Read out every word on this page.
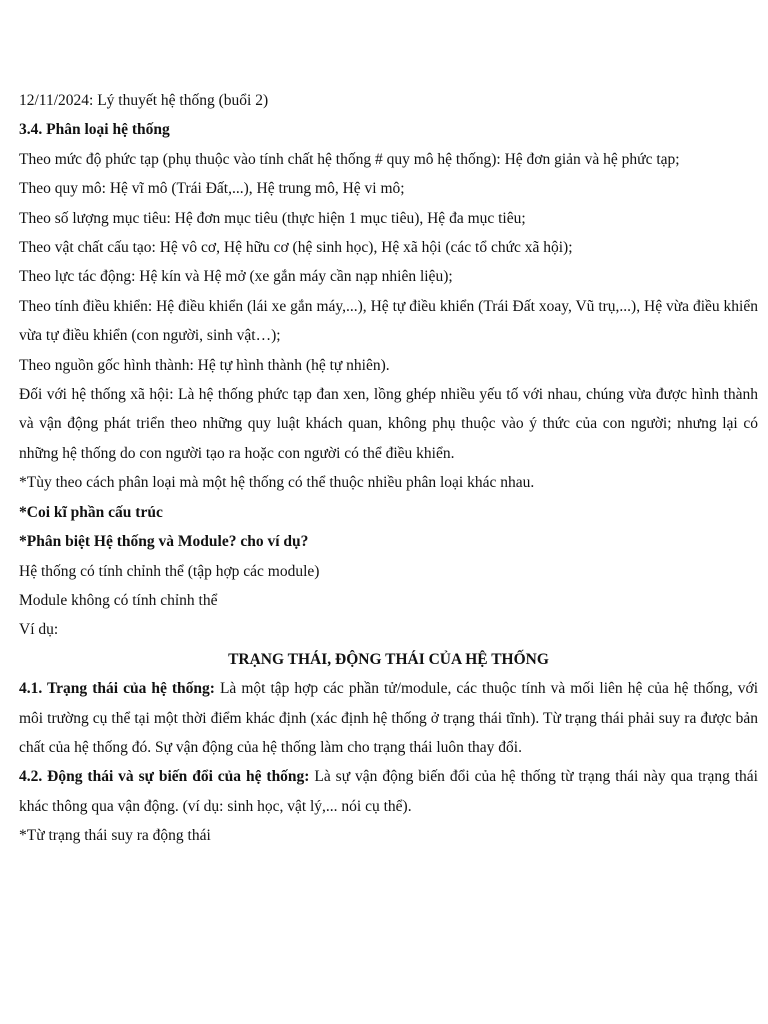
12/11/2024: Lý thuyết hệ thống (buổi 2)

3.4. Phân loại hệ thống

Theo mức độ phức tạp (phụ thuộc vào tính chất hệ thống # quy mô hệ thống): Hệ đơn giản và hệ phức tạp;

Theo quy mô: Hệ vĩ mô (Trái Đất,...), Hệ trung mô, Hệ vi mô;

Theo số lượng mục tiêu: Hệ đơn mục tiêu (thực hiện 1 mục tiêu), Hệ đa mục tiêu;

Theo vật chất cấu tạo: Hệ vô cơ, Hệ hữu cơ (hệ sinh học), Hệ xã hội (các tổ chức xã hội);

Theo lực tác động: Hệ kín và Hệ mở (xe gắn máy cần nạp nhiên liệu);

Theo tính điều khiển: Hệ điều khiển (lái xe gắn máy,...), Hệ tự điều khiển (Trái Đất xoay, Vũ trụ,...), Hệ vừa điều khiển vừa tự điều khiển (con người, sinh vật…);

Theo nguồn gốc hình thành: Hệ tự hình thành (hệ tự nhiên).

Đối với hệ thống xã hội: Là hệ thống phức tạp đan xen, lồng ghép nhiều yếu tố với nhau, chúng vừa được hình thành và vận động phát triển theo những quy luật khách quan, không phụ thuộc vào ý thức của con người; nhưng lại có những hệ thống do con người tạo ra hoặc con người có thể điều khiển.

*Tùy theo cách phân loại mà một hệ thống có thể thuộc nhiều phân loại khác nhau.

*Coi kĩ phần cấu trúc

*Phân biệt Hệ thống và Module? cho ví dụ?

Hệ thống có tính chỉnh thể (tập hợp các module)

Module không có tính chỉnh thể

Ví dụ:

TRẠNG THÁI, ĐỘNG THÁI CỦA HỆ THỐNG

4.1. Trạng thái của hệ thống: Là một tập hợp các phần tử/module, các thuộc tính và mối liên hệ của hệ thống, với môi trường cụ thể tại một thời điểm khác định (xác định hệ thống ở trạng thái tĩnh). Từ trạng thái phải suy ra được bản chất của hệ thống đó. Sự vận động của hệ thống làm cho trạng thái luôn thay đổi.

4.2. Động thái và sự biến đổi của hệ thống: Là sự vận động biến đổi của hệ thống từ trạng thái này qua trạng thái khác thông qua vận động. (ví dụ: sinh học, vật lý,... nói cụ thể).

*Từ trạng thái suy ra động thái
